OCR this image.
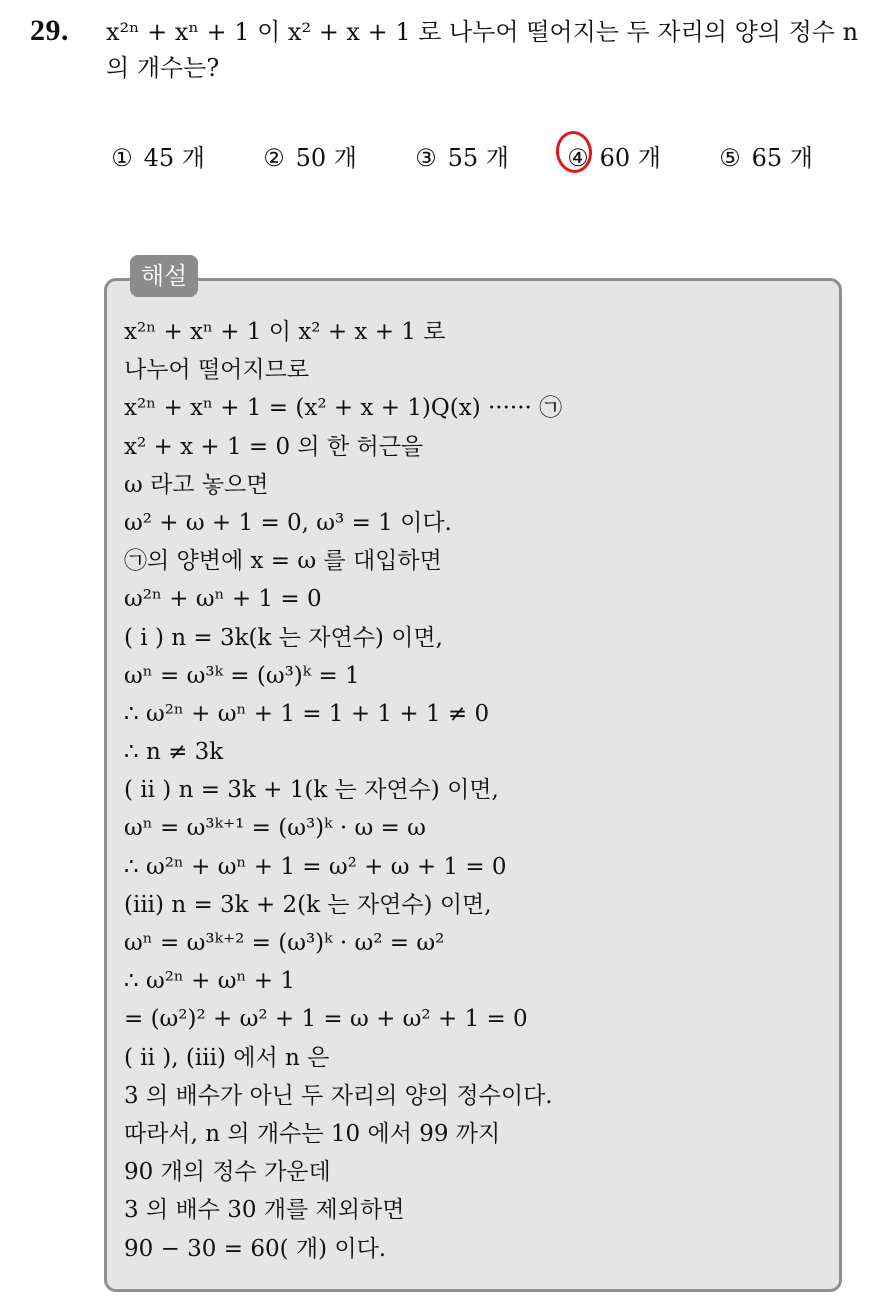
29. x²ⁿ + xⁿ + 1 이 x² + x + 1 로 나누어 떨어지는 두 자리의 양의 정수 n
의 개수는?
① 45 개 ② 50 개 ③ 55 개 ④ 60 개 ⑤ 65 개
해설
x²ⁿ + xⁿ + 1 이 x² + x + 1 로
나누어 떨어지므로
x²ⁿ + xⁿ + 1 = (x² + x + 1)Q(x) ······ ㉠
x² + x + 1 = 0 의 한 허근을
ω 라고 놓으면
ω² + ω + 1 = 0, ω³ = 1 이다.
㉠의 양변에 x = ω 를 대입하면
ω²ⁿ + ωⁿ + 1 = 0
( i ) n = 3k(k 는 자연수) 이면,
ωⁿ = ω³ᵏ = (ω³)ᵏ = 1
∴ ω²ⁿ + ωⁿ + 1 = 1 + 1 + 1 ≠ 0
∴ n ≠ 3k
( ii ) n = 3k + 1(k 는 자연수) 이면,
ωⁿ = ω³ᵏ⁺¹ = (ω³)ᵏ · ω = ω
∴ ω²ⁿ + ωⁿ + 1 = ω² + ω + 1 = 0
(iii) n = 3k + 2(k 는 자연수) 이면,
ωⁿ = ω³ᵏ⁺² = (ω³)ᵏ · ω² = ω²
∴ ω²ⁿ + ωⁿ + 1
= (ω²)² + ω² + 1 = ω + ω² + 1 = 0
( ii ), (iii) 에서 n 은
3 의 배수가 아닌 두 자리의 양의 정수이다.
따라서, n 의 개수는 10 에서 99 까지
90 개의 정수 가운데
3 의 배수 30 개를 제외하면
90 − 30 = 60( 개) 이다.
